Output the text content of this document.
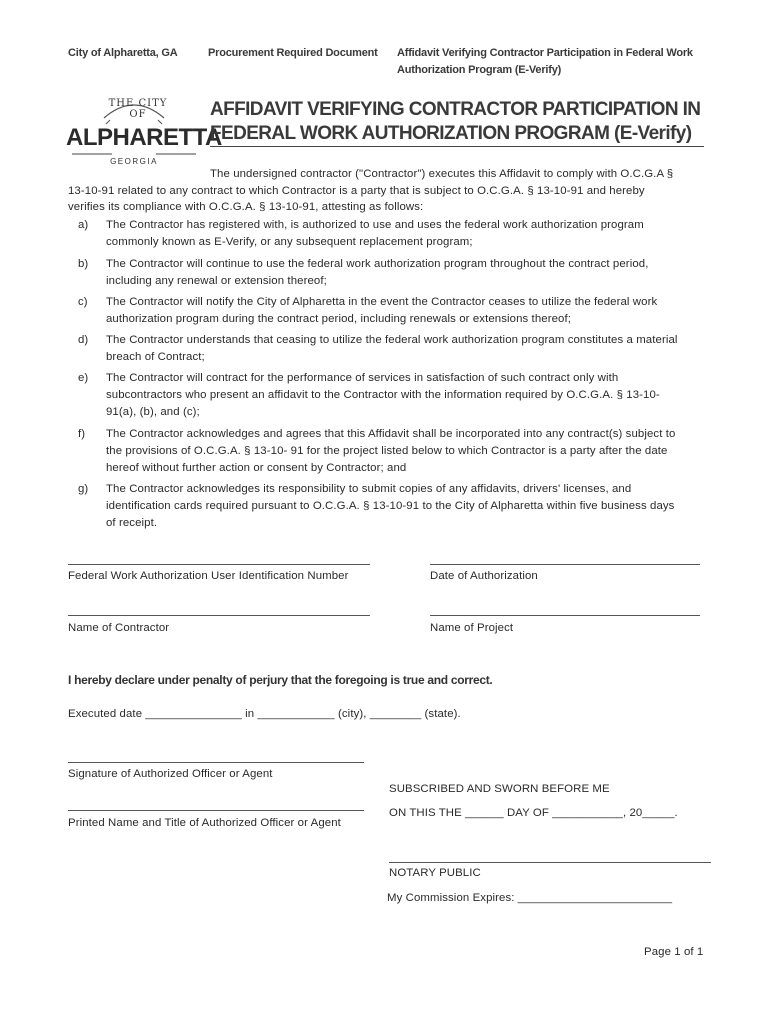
City of Alpharetta, GA	Procurement Required Document Affidavit Verifying Contractor Participation in Federal Work
Authorization Program (E-Verify)
THE CITY OF
ALPHARETTA
GEORGIA
AFFIDAVIT VERIFYING CONTRACTOR PARTICIPATION IN
FEDERAL WORK AUTHORIZATION PROGRAM (E-Verify)
The undersigned contractor ("Contractor") executes this Affidavit to comply with O.C.G.A §
13-10-91 related to any contract to which Contractor is a party that is subject to O.C.G.A. § 13-10-91 and hereby
verifies its compliance with O.C.G.A. § 13-10-91, attesting as follows:
a)	The Contractor has registered with, is authorized to use and uses the federal work authorization program commonly known as E-Verify, or any subsequent replacement program;
b)	The Contractor will continue to use the federal work authorization program throughout the contract period, including any renewal or extension thereof;
c)	The Contractor will notify the City of Alpharetta in the event the Contractor ceases to utilize the federal work authorization program during the contract period, including renewals or extensions thereof;
d)	The Contractor understands that ceasing to utilize the federal work authorization program constitutes a material breach of Contract;
e)	The Contractor will contract for the performance of services in satisfaction of such contract only with subcontractors who present an affidavit to the Contractor with the information required by O.C.G.A. § 13-10-91(a), (b), and (c);
f)	The Contractor acknowledges and agrees that this Affidavit shall be incorporated into any contract(s) subject to the provisions of O.C.G.A. § 13-10- 91 for the project listed below to which Contractor is a party after the date hereof without further action or consent by Contractor; and
g)	The Contractor acknowledges its responsibility to submit copies of any affidavits, drivers' licenses, and identification cards required pursuant to O.C.G.A. § 13-10-91 to the City of Alpharetta within five business days of receipt.
Federal Work Authorization User Identification Number	Date of Authorization
Name of Contractor	Name of Project
I hereby declare under penalty of perjury that the foregoing is true and correct.
Executed date _______________ in ____________ (city), ________ (state).
Signature of Authorized Officer or Agent
Printed Name and Title of Authorized Officer or Agent
SUBSCRIBED AND SWORN BEFORE ME
ON THIS THE ______ DAY OF ___________, 20_____.
NOTARY PUBLIC
My Commission Expires: ________________________
Page 1 of 1
